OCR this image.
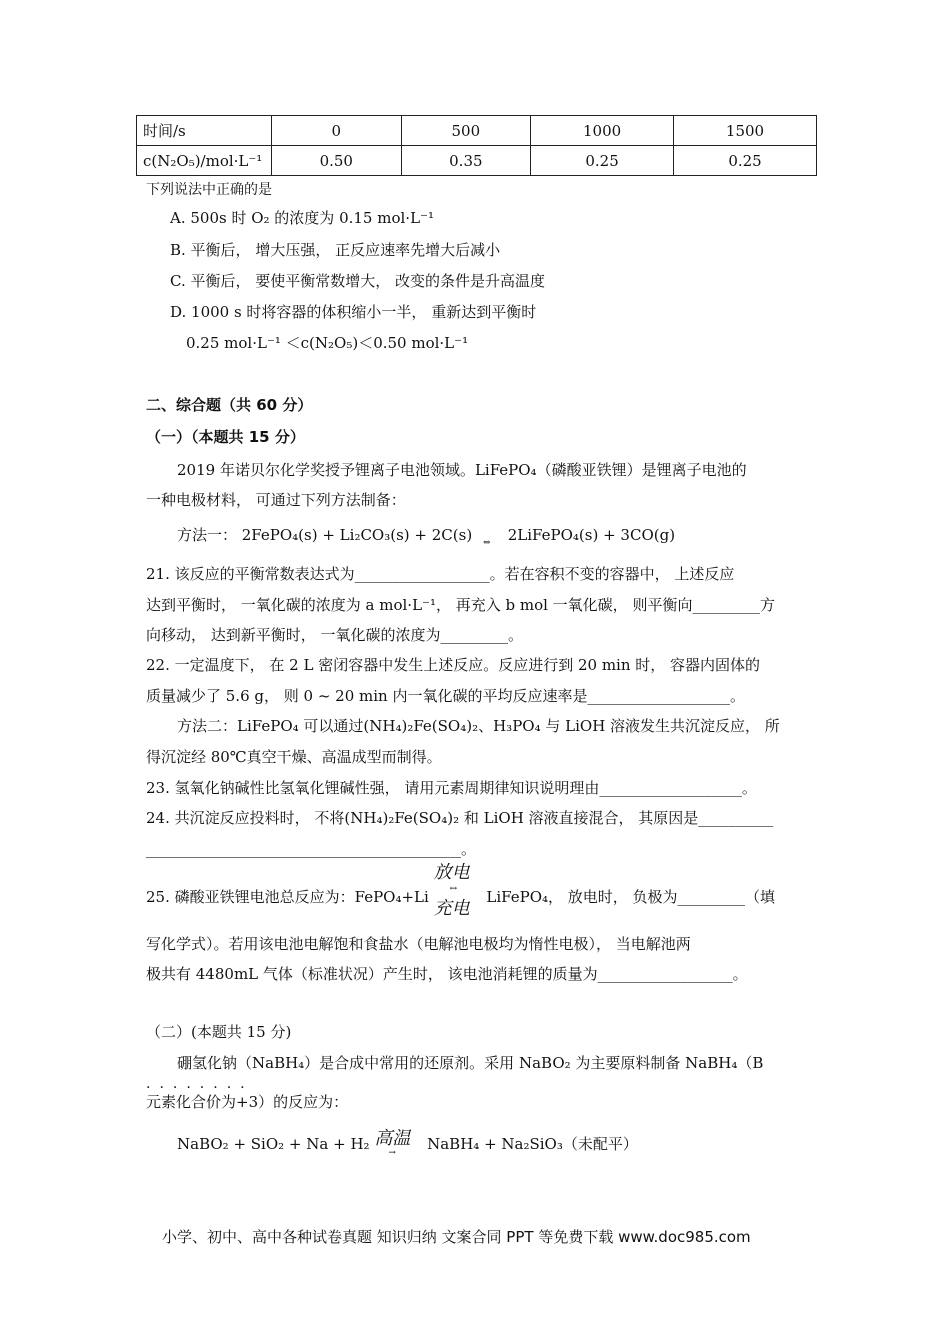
时间/s	0	500	1000	1500
c(N₂O₅)/mol·L⁻¹	0.50	0.35	0.25	0.25
下列说法中正确的是
A. 500s 时 O₂ 的浓度为 0.15 mol·L⁻¹
B. 平衡后， 增大压强， 正反应速率先增大后减小
C. 平衡后， 要使平衡常数增大， 改变的条件是升高温度
D. 1000 s 时将容器的体积缩小一半， 重新达到平衡时
0.25 mol·L⁻¹ ＜c(N₂O₅)＜0.50 mol·L⁻¹
二、综合题（共 60 分）
（一）（本题共 15 分）
2019 年诺贝尔化学奖授予锂离子电池领域。LiFePO₄（磷酸亚铁锂）是锂离子电池的
一种电极材料， 可通过下列方法制备：
方法一： 2FePO₄(s) + Li₂CO₃(s) + 2C(s) ⇔ 2LiFePO₄(s) + 3CO(g)
21. 该反应的平衡常数表达式为__________________。若在容积不变的容器中， 上述反应
达到平衡时， 一氧化碳的浓度为 a mol·L⁻¹， 再充入 b mol 一氧化碳， 则平衡向_________方
向移动， 达到新平衡时， 一氧化碳的浓度为_________。
22. 一定温度下， 在 2 L 密闭容器中发生上述反应。反应进行到 20 min 时， 容器内固体的
质量减少了 5.6 g， 则 0 ~ 20 min 内一氧化碳的平均反应速率是___________________。
方法二：LiFePO₄ 可以通过(NH₄)₂Fe(SO₄)₂、H₃PO₄ 与 LiOH 溶液发生共沉淀反应， 所
得沉淀经 80℃真空干燥、高温成型而制得。
23. 氢氧化钠碱性比氢氧化锂碱性强， 请用元素周期律知识说明理由___________________。
24. 共沉淀反应投料时， 不将(NH₄)₂Fe(SO₄)₂ 和 LiOH 溶液直接混合， 其原因是__________
__________________________________________。
25. 磷酸亚铁锂电池总反应为：FePO₄+Li
放电
↔
充电
LiFePO₄， 放电时， 负极为_________（填
写化学式）。若用该电池电解饱和食盐水（电解池电极均为惰性电极）， 当电解池两
极共有 4480mL 气体（标准状况）产生时， 该电池消耗锂的质量为__________________。
（二）(本题共 15 分)
硼氢化钠（NaBH₄）是合成中常用的还原剂。采用 NaBO₂ 为主要原料制备 NaBH₄（B
........
元素化合价为+3）的反应为：
NaBO₂ + SiO₂ + Na + H₂ 高温
→ NaBH₄ + Na₂SiO₃（未配平）
小学、初中、高中各种试卷真题 知识归纳 文案合同 PPT 等免费下载 www.doc985.com
